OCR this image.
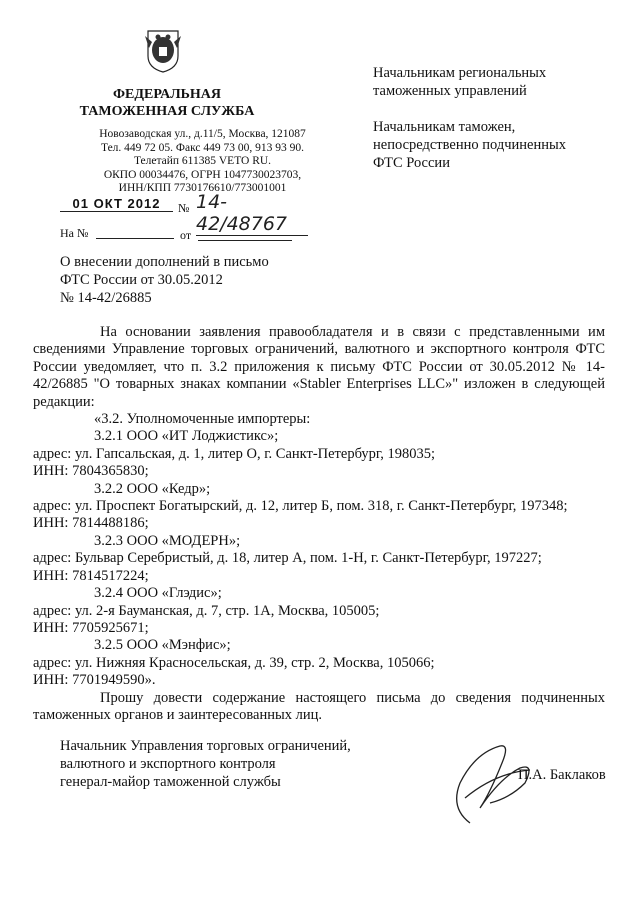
ФЕДЕРАЛЬНАЯ
ТАМОЖЕННАЯ СЛУЖБА
Новозаводская ул., д.11/5, Москва, 121087
Тел. 449 72 05. Факс 449 73 00, 913 93 90.
Телетайп 611385 VETO RU.
ОКПО 00034476, ОГРН 1047730023703,
ИНН/КПП 7730176610/773001001
01 ОКТ 2012	№ 14-42/48767
На №	от
Начальникам региональных
таможенных управлений
Начальникам таможен,
непосредственно подчиненных
ФТС России
О внесении дополнений в письмо
ФТС России от 30.05.2012
№ 14-42/26885

На основании заявления правообладателя и в связи с представленными им сведениями Управление торговых ограничений, валютного и экспортного контроля ФТС России уведомляет, что п. 3.2 приложения к письму ФТС России от 30.05.2012 № 14-42/26885 "О товарных знаках компании «Stabler Enterprises LLC»" изложен в следующей редакции:

«3.2. Уполномоченные импортеры:

3.2.1 ООО «ИТ Лоджистикс»;

адрес: ул. Гапсальская, д. 1, литер О, г. Санкт-Петербург, 198035;

ИНН: 7804365830;

3.2.2 ООО «Кедр»;

адрес: ул. Проспект Богатырский, д. 12, литер Б, пом. 318, г. Санкт-Петербург, 197348;

ИНН: 7814488186;

3.2.3 ООО «МОДЕРН»;

адрес: Бульвар Серебристый, д. 18, литер А, пом. 1-Н, г. Санкт-Петербург, 197227;

ИНН: 7814517224;

3.2.4 ООО «Глэдис»;

адрес: ул. 2-я Бауманская, д. 7, стр. 1А, Москва, 105005;

ИНН: 7705925671;

3.2.5 ООО «Мэнфис»;

адрес: ул. Нижняя Красносельская, д. 39, стр. 2, Москва, 105066;

ИНН: 7701949590».

Прошу довести содержание настоящего письма до сведения подчиненных таможенных органов и заинтересованных лиц.

Начальник Управления торговых ограничений,
валютного и экспортного контроля
генерал-майор таможенной службы	П.А. Баклаков
